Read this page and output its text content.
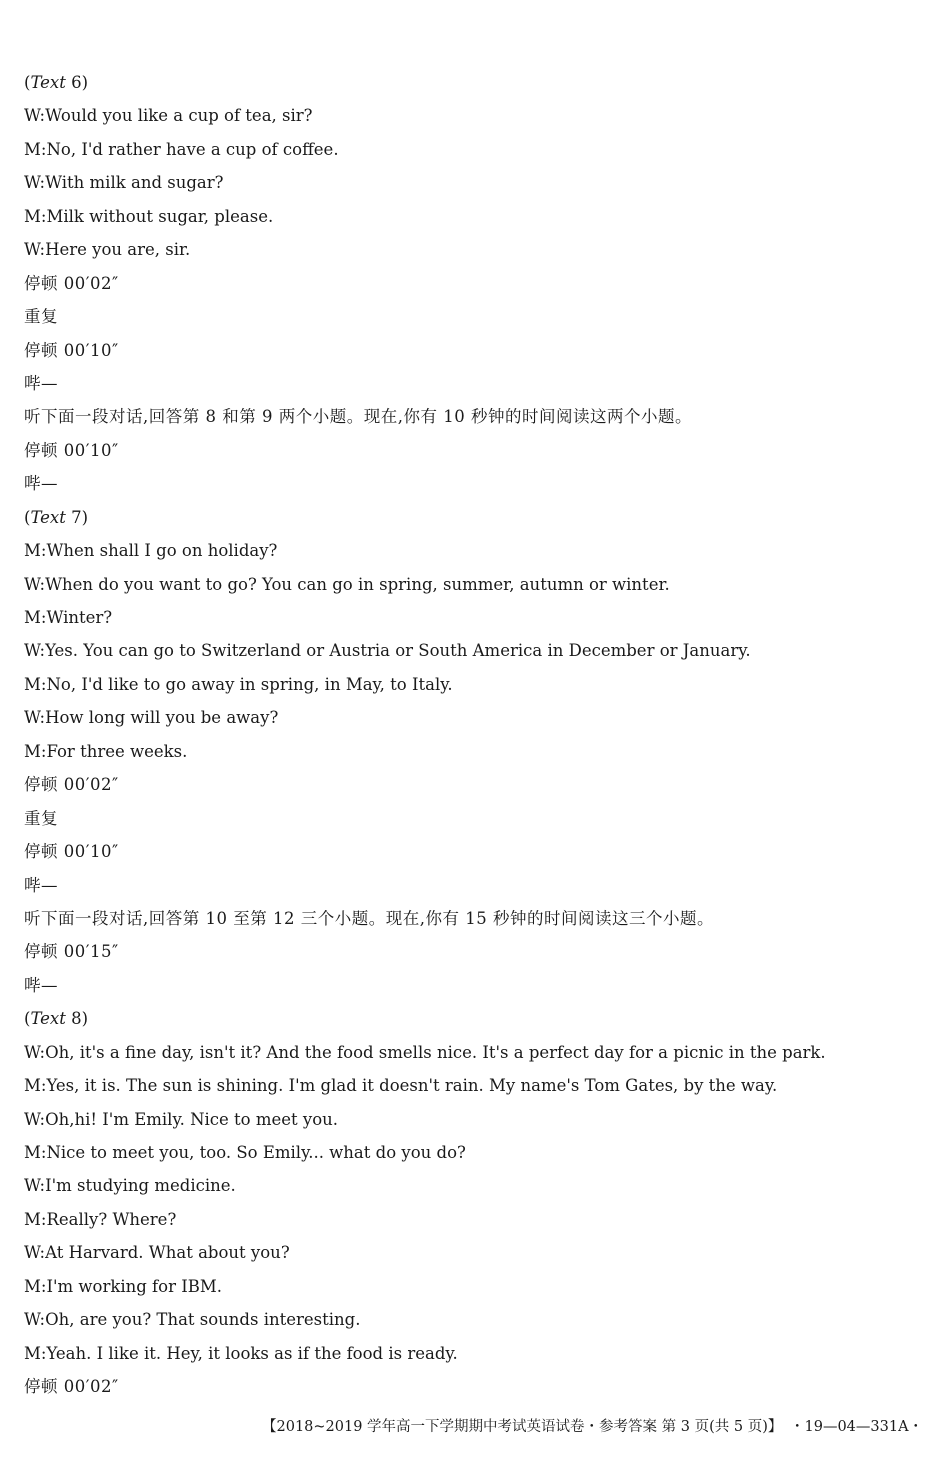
(Text 6)
W:Would you like a cup of tea, sir?
M:No, I'd rather have a cup of coffee.
W:With milk and sugar?
M:Milk without sugar, please.
W:Here you are, sir.
停顿 00′02″
重复
停顿 00′10″
哔—
听下面一段对话,回答第 8 和第 9 两个小题。现在,你有 10 秒钟的时间阅读这两个小题。
停顿 00′10″
哔—
(Text 7)
M:When shall I go on holiday?
W:When do you want to go? You can go in spring, summer, autumn or winter.
M:Winter?
W:Yes. You can go to Switzerland or Austria or South America in December or January.
M:No, I'd like to go away in spring, in May, to Italy.
W:How long will you be away?
M:For three weeks.
停顿 00′02″
重复
停顿 00′10″
哔—
听下面一段对话,回答第 10 至第 12 三个小题。现在,你有 15 秒钟的时间阅读这三个小题。
停顿 00′15″
哔—
(Text 8)
W:Oh, it's a fine day, isn't it? And the food smells nice. It's a perfect day for a picnic in the park.
M:Yes, it is. The sun is shining. I'm glad it doesn't rain. My name's Tom Gates, by the way.
W:Oh,hi! I'm Emily. Nice to meet you.
M:Nice to meet you, too. So Emily... what do you do?
W:I'm studying medicine.
M:Really? Where?
W:At Harvard. What about you?
M:I'm working for IBM.
W:Oh, are you? That sounds interesting.
M:Yeah. I like it. Hey, it looks as if the food is ready.
停顿 00′02″
【2018~2019 学年高一下学期期中考试英语试卷・参考答案 第 3 页(共 5 页)】 ・19—04—331A・
